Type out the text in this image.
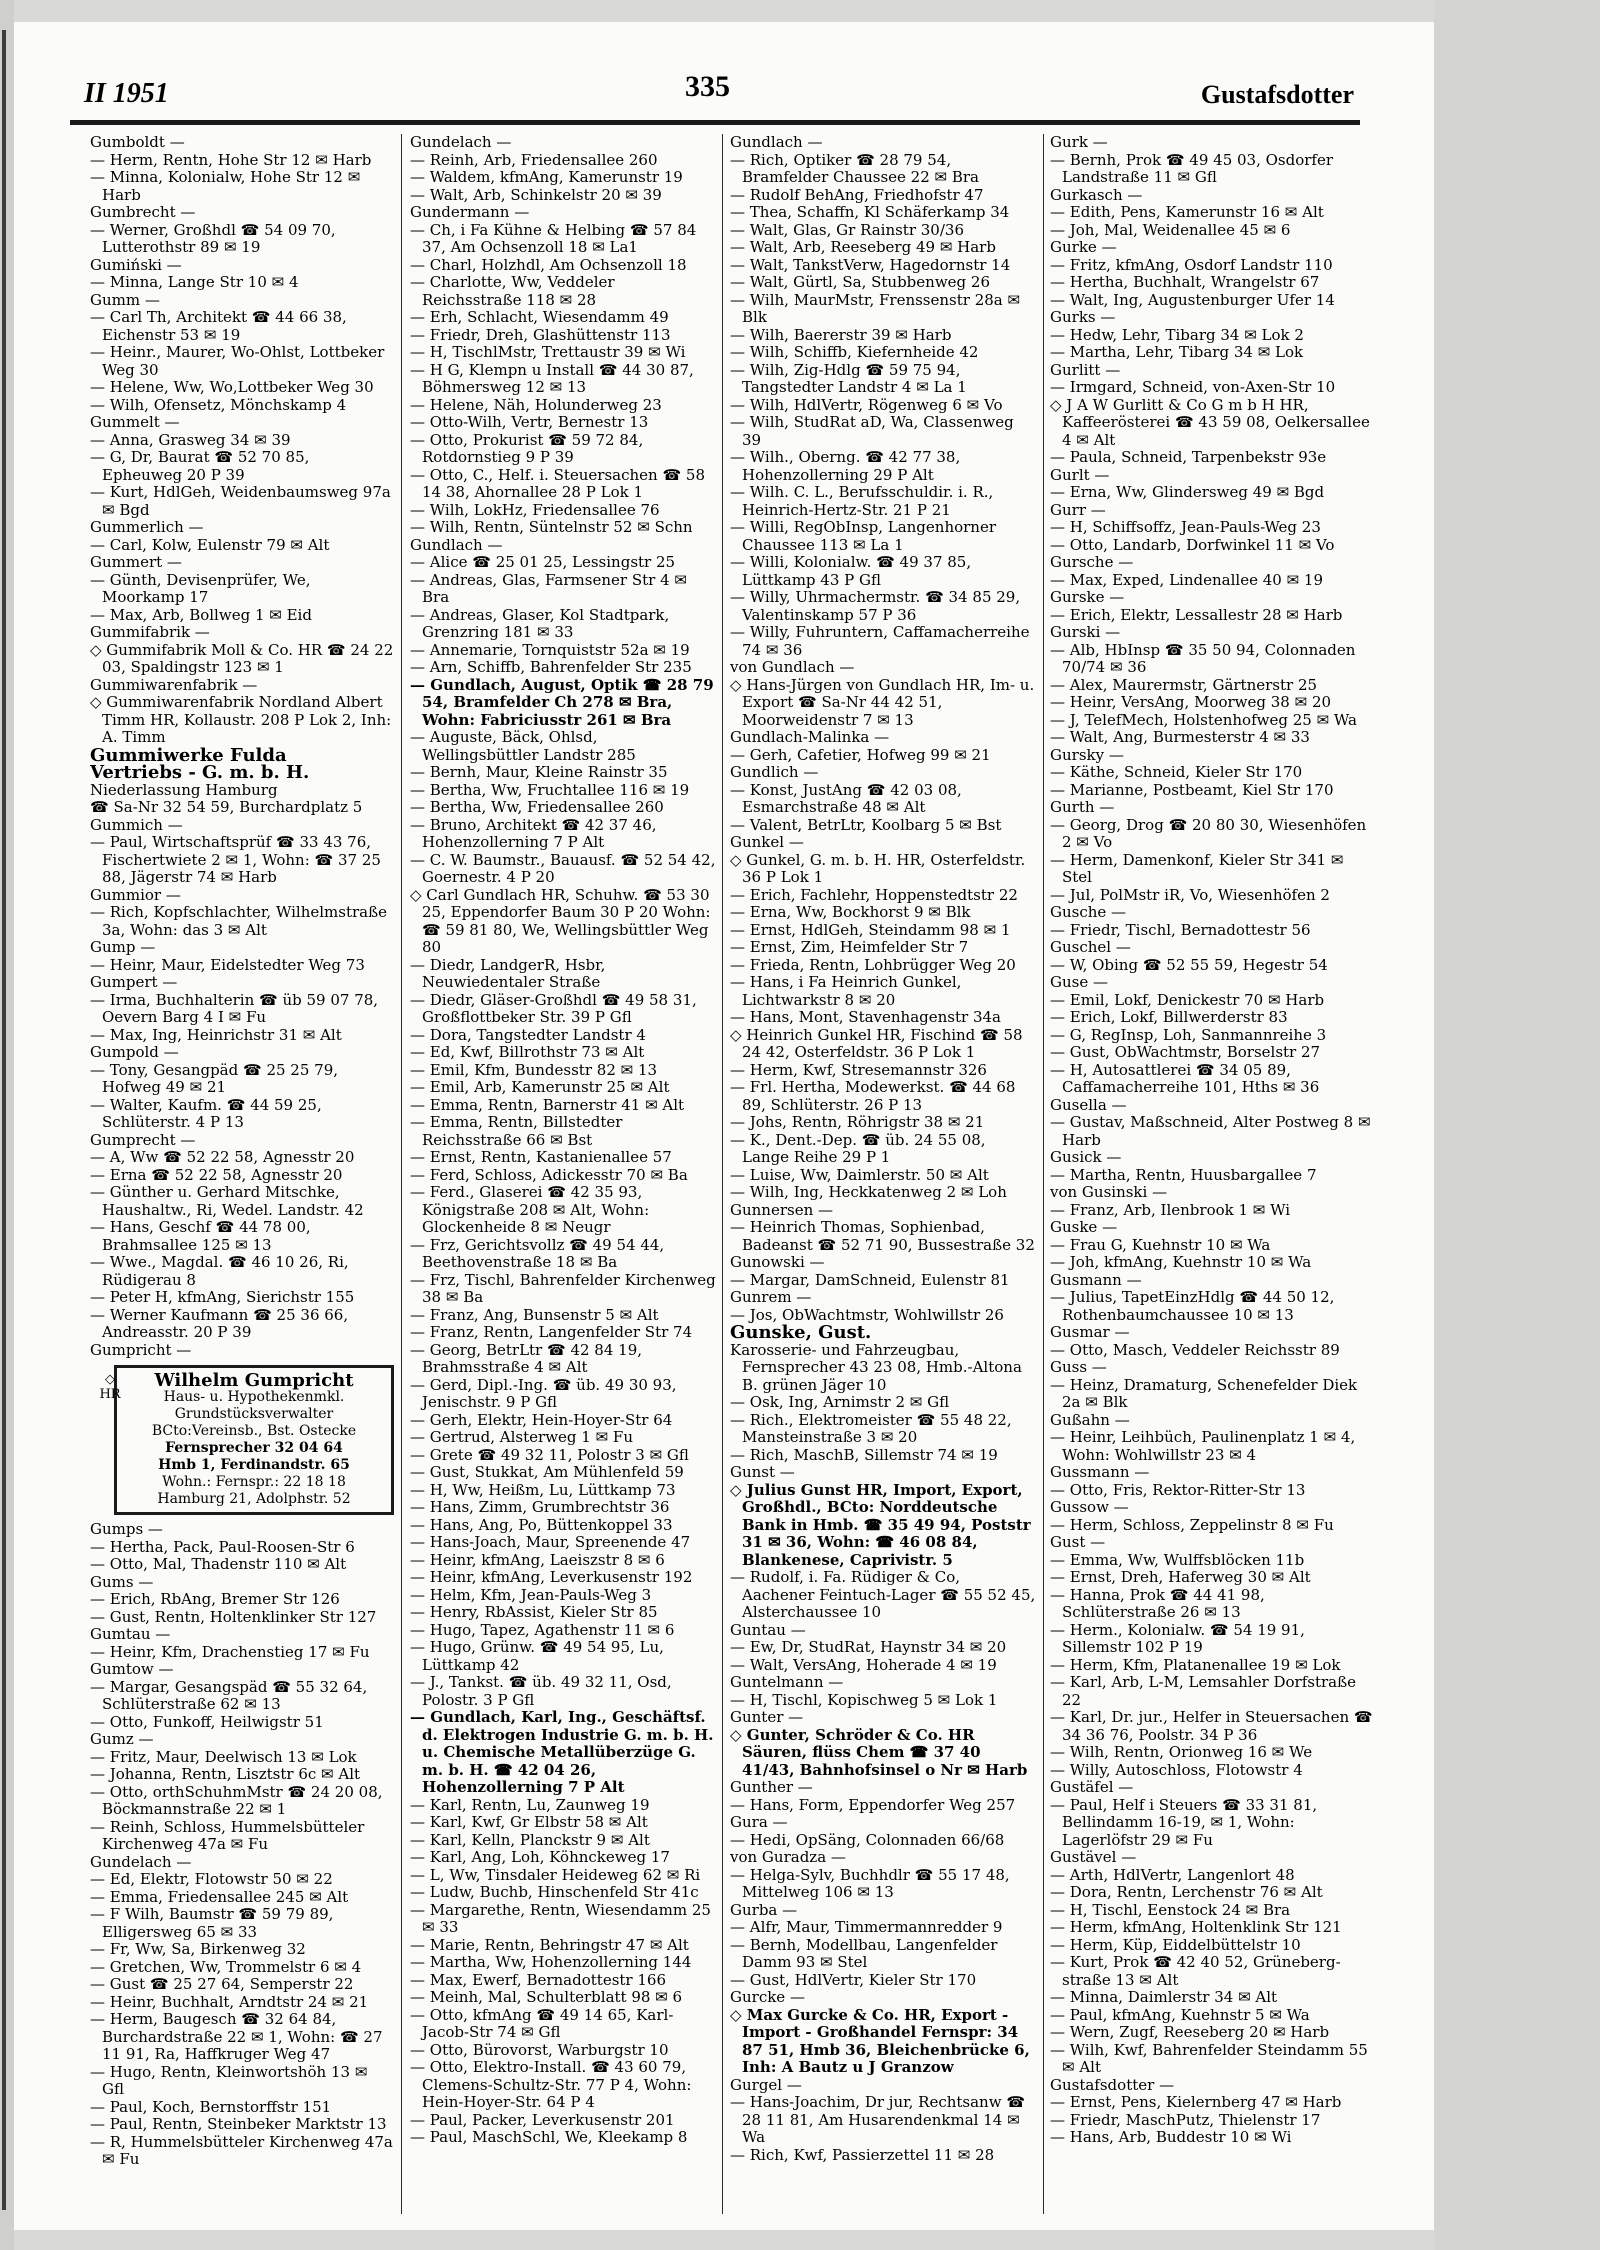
II 1951	335	Gustafsdotter

Gumboldt —

— Herm, Rentn, Hohe Str 12 ✉ Harb

— Minna, Kolonialw, Hohe Str 12 ✉ Harb

Gumbrecht —

— Werner, Großhdl ☎ 54 09 70, Lutterothstr 89 ✉ 19

Gumiński —

— Minna, Lange Str 10 ✉ 4

Gumm —

— Carl Th, Architekt ☎ 44 66 38, Eichenstr 53 ✉ 19

— Heinr., Maurer, Wo-Ohlst, Lottbeker Weg 30

— Helene, Ww, Wo,Lottbeker Weg 30

— Wilh, Ofensetz, Mönchskamp 4

Gummelt —

— Anna, Grasweg 34 ✉ 39

— G, Dr, Baurat ☎ 52 70 85, Epheuweg 20 P 39

— Kurt, HdlGeh, Weidenbaumsweg 97a ✉ Bgd

Gummerlich —

— Carl, Kolw, Eulenstr 79 ✉ Alt

Gummert —

— Günth, Devisenprüfer, We, Moorkamp 17

— Max, Arb, Bollweg 1 ✉ Eid

Gummifabrik —

◇ Gummifabrik Moll & Co. HR ☎ 24 22 03, Spaldingstr 123 ✉ 1

Gummiwarenfabrik —

◇ Gummiwarenfabrik Nordland Albert Timm HR, Kollaustr. 208 P Lok 2, Inh: A. Timm

Gummiwerke Fulda

Vertriebs - G. m. b. H.

Niederlassung Hamburg

☎ Sa-Nr 32 54 59, Burchardplatz 5

Gummich —

— Paul, Wirtschaftsprüf ☎ 33 43 76, Fischertwiete 2 ✉ 1, Wohn: ☎ 37 25 88, Jägerstr 74 ✉ Harb

Gummior —

— Rich, Kopfschlachter, Wilhelmstraße 3a, Wohn: das 3 ✉ Alt

Gump —

— Heinr, Maur, Eidelstedter Weg 73

Gumpert —

— Irma, Buchhalterin ☎ üb 59 07 78, Oevern Barg 4 I ✉ Fu

— Max, Ing, Heinrichstr 31 ✉ Alt

Gumpold —

— Tony, Gesangpäd ☎ 25 25 79, Hofweg 49 ✉ 21

— Walter, Kaufm. ☎ 44 59 25, Schlüterstr. 4 P 13

Gumprecht —

— A, Ww ☎ 52 22 58, Agnesstr 20

— Erna ☎ 52 22 58, Agnesstr 20

— Günther u. Gerhard Mitschke, Haushaltw., Ri, Wedel. Landstr. 42

— Hans, Geschf ☎ 44 78 00, Brahmsallee 125 ✉ 13

— Wwe., Magdal. ☎ 46 10 26, Ri, Rüdigerau 8

— Peter H, kfmAng, Sierichstr 155

— Werner Kaufmann ☎ 25 36 66, Andreasstr. 20 P 39

Gumpricht —

◇ HR

Wilhelm Gumpricht

Haus- u. Hypothekenmkl.

Grundstücksverwalter

BCto:Vereinsb., Bst. Ostecke

Fernsprecher 32 04 64

Hmb 1, Ferdinandstr. 65

Wohn.: Fernspr.: 22 18 18

Hamburg 21, Adolphstr. 52

Gumps —

— Hertha, Pack, Paul-Roosen-Str 6

— Otto, Mal, Thadenstr 110 ✉ Alt

Gums —

— Erich, RbAng, Bremer Str 126

— Gust, Rentn, Holtenklinker Str 127

Gumtau —

— Heinr, Kfm, Drachenstieg 17 ✉ Fu

Gumtow —

— Margar, Gesangspäd ☎ 55 32 64, Schlüterstraße 62 ✉ 13

— Otto, Funkoff, Heilwigstr 51

Gumz —

— Fritz, Maur, Deelwisch 13 ✉ Lok

— Johanna, Rentn, Lisztstr 6c ✉ Alt

— Otto, orthSchuhmMstr ☎ 24 20 08, Böckmannstraße 22 ✉ 1

— Reinh, Schloss, Hummelsbütteler Kirchenweg 47a ✉ Fu

Gundelach —

— Ed, Elektr, Flotowstr 50 ✉ 22

— Emma, Friedensallee 245 ✉ Alt

— F Wilh, Baumstr ☎ 59 79 89, Elligersweg 65 ✉ 33

— Fr, Ww, Sa, Birkenweg 32

— Gretchen, Ww, Trommelstr 6 ✉ 4

— Gust ☎ 25 27 64, Semperstr 22

— Heinr, Buchhalt, Arndtstr 24 ✉ 21

— Herm, Baugesch ☎ 32 64 84, Burchardstraße 22 ✉ 1, Wohn: ☎ 27 11 91, Ra, Haffkruger Weg 47

— Hugo, Rentn, Kleinwortshöh 13 ✉ Gfl

— Paul, Koch, Bernstorffstr 151

— Paul, Rentn, Steinbeker Marktstr 13

— R, Hummelsbütteler Kirchenweg 47a ✉ Fu

Gundelach —

— Reinh, Arb, Friedensallee 260

— Waldem, kfmAng, Kamerunstr 19

— Walt, Arb, Schinkelstr 20 ✉ 39

Gundermann —

— Ch, i Fa Kühne & Helbing ☎ 57 84 37, Am Ochsenzoll 18 ✉ La1

— Charl, Holzhdl, Am Ochsenzoll 18

— Charlotte, Ww, Veddeler Reichsstraße 118 ✉ 28

— Erh, Schlacht, Wiesendamm 49

— Friedr, Dreh, Glashüttenstr 113

— H, TischlMstr, Trettaustr 39 ✉ Wi

— H G, Klempn u Install ☎ 44 30 87, Böhmersweg 12 ✉ 13

— Helene, Näh, Holunderweg 23

— Otto-Wilh, Vertr, Bernestr 13

— Otto, Prokurist ☎ 59 72 84, Rotdornstieg 9 P 39

— Otto, C., Helf. i. Steuersachen ☎ 58 14 38, Ahornallee 28 P Lok 1

— Wilh, LokHz, Friedensallee 76

— Wilh, Rentn, Süntelnstr 52 ✉ Schn

Gundlach —

— Alice ☎ 25 01 25, Lessingstr 25

— Andreas, Glas, Farmsener Str 4 ✉ Bra

— Andreas, Glaser, Kol Stadtpark, Grenzring 181 ✉ 33

— Annemarie, Tornquiststr 52a ✉ 19

— Arn, Schiffb, Bahrenfelder Str 235

— Gundlach, August, Optik ☎ 28 79 54, Bramfelder Ch 278 ✉ Bra, Wohn: Fabriciusstr 261 ✉ Bra

— Auguste, Bäck, Ohlsd, Wellingsbüttler Landstr 285

— Bernh, Maur, Kleine Rainstr 35

— Bertha, Ww, Fruchtallee 116 ✉ 19

— Bertha, Ww, Friedensallee 260

— Bruno, Architekt ☎ 42 37 46, Hohenzollerning 7 P Alt

— C. W. Baumstr., Bauausf. ☎ 52 54 42, Goernestr. 4 P 20

◇ Carl Gundlach HR, Schuhw. ☎ 53 30 25, Eppendorfer Baum 30 P 20 Wohn: ☎ 59 81 80, We, Wellingsbüttler Weg 80

— Diedr, LandgerR, Hsbr, Neuwiedentaler Straße

— Diedr, Gläser-Großhdl ☎ 49 58 31, Großflottbeker Str. 39 P Gfl

— Dora, Tangstedter Landstr 4

— Ed, Kwf, Billrothstr 73 ✉ Alt

— Emil, Kfm, Bundesstr 82 ✉ 13

— Emil, Arb, Kamerunstr 25 ✉ Alt

— Emma, Rentn, Barnerstr 41 ✉ Alt

— Emma, Rentn, Billstedter Reichsstraße 66 ✉ Bst

— Ernst, Rentn, Kastanienallee 57

— Ferd, Schloss, Adickesstr 70 ✉ Ba

— Ferd., Glaserei ☎ 42 35 93, Königstraße 208 ✉ Alt, Wohn: Glockenheide 8 ✉ Neugr

— Frz, Gerichtsvollz ☎ 49 54 44, Beethovenstraße 18 ✉ Ba

— Frz, Tischl, Bahrenfelder Kirchenweg 38 ✉ Ba

— Franz, Ang, Bunsenstr 5 ✉ Alt

— Franz, Rentn, Langenfelder Str 74

— Georg, BetrLtr ☎ 42 84 19, Brahmsstraße 4 ✉ Alt

— Gerd, Dipl.-Ing. ☎ üb. 49 30 93, Jenischstr. 9 P Gfl

— Gerh, Elektr, Hein-Hoyer-Str 64

— Gertrud, Alsterweg 1 ✉ Fu

— Grete ☎ 49 32 11, Polostr 3 ✉ Gfl

— Gust, Stukkat, Am Mühlenfeld 59

— H, Ww, Heißm, Lu, Lüttkamp 73

— Hans, Zimm, Grumbrechtstr 36

— Hans, Ang, Po, Büttenkoppel 33

— Hans-Joach, Maur, Spreenende 47

— Heinr, kfmAng, Laeiszstr 8 ✉ 6

— Heinr, kfmAng, Leverkusenstr 192

— Helm, Kfm, Jean-Pauls-Weg 3

— Henry, RbAssist, Kieler Str 85

— Hugo, Tapez, Agathenstr 11 ✉ 6

— Hugo, Grünw. ☎ 49 54 95, Lu, Lüttkamp 42

— J., Tankst. ☎ üb. 49 32 11, Osd, Polostr. 3 P Gfl

— Gundlach, Karl, Ing., Geschäftsf. d. Elektrogen Industrie G. m. b. H. u. Chemische Metallüberzüge G. m. b. H. ☎ 42 04 26, Hohenzollerning 7 P Alt

— Karl, Rentn, Lu, Zaunweg 19

— Karl, Kwf, Gr Elbstr 58 ✉ Alt

— Karl, Kelln, Planckstr 9 ✉ Alt

— Karl, Ang, Loh, Köhnckeweg 17

— L, Ww, Tinsdaler Heideweg 62 ✉ Ri

— Ludw, Buchb, Hinschenfeld Str 41c

— Margarethe, Rentn, Wiesendamm 25 ✉ 33

— Marie, Rentn, Behringstr 47 ✉ Alt

— Martha, Ww, Hohenzollerning 144

— Max, Ewerf, Bernadottestr 166

— Meinh, Mal, Schulterblatt 98 ✉ 6

— Otto, kfmAng ☎ 49 14 65, Karl-Jacob-Str 74 ✉ Gfl

— Otto, Bürovorst, Warburgstr 10

— Otto, Elektro-Install. ☎ 43 60 79, Clemens-Schultz-Str. 77 P 4, Wohn: Hein-Hoyer-Str. 64 P 4

— Paul, Packer, Leverkusenstr 201

— Paul, MaschSchl, We, Kleekamp 8

Gundlach —

— Rich, Optiker ☎ 28 79 54, Bramfelder Chaussee 22 ✉ Bra

— Rudolf BehAng, Friedhofstr 47

— Thea, Schaffn, Kl Schäferkamp 34

— Walt, Glas, Gr Rainstr 30/36

— Walt, Arb, Reeseberg 49 ✉ Harb

— Walt, TankstVerw, Hagedornstr 14

— Walt, Gürtl, Sa, Stubbenweg 26

— Wilh, MaurMstr, Frenssenstr 28a ✉ Blk

— Wilh, Baererstr 39 ✉ Harb

— Wilh, Schiffb, Kiefernheide 42

— Wilh, Zig-Hdlg ☎ 59 75 94, Tangstedter Landstr 4 ✉ La 1

— Wilh, HdlVertr, Rögenweg 6 ✉ Vo

— Wilh, StudRat aD, Wa, Classenweg 39

— Wilh., Oberng. ☎ 42 77 38, Hohenzollerning 29 P Alt

— Wilh. C. L., Berufsschuldir. i. R., Heinrich-Hertz-Str. 21 P 21

— Willi, RegObInsp, Langenhorner Chaussee 113 ✉ La 1

— Willi, Kolonialw. ☎ 49 37 85, Lüttkamp 43 P Gfl

— Willy, Uhrmachermstr. ☎ 34 85 29, Valentinskamp 57 P 36

— Willy, Fuhruntern, Caffamacherreihe 74 ✉ 36

von Gundlach —

◇ Hans-Jürgen von Gundlach HR, Im- u. Export ☎ Sa-Nr 44 42 51, Moorweidenstr 7 ✉ 13

Gundlach-Malinka —

— Gerh, Cafetier, Hofweg 99 ✉ 21

Gundlich —

— Konst, JustAng ☎ 42 03 08, Esmarchstraße 48 ✉ Alt

— Valent, BetrLtr, Koolbarg 5 ✉ Bst

Gunkel —

◇ Gunkel, G. m. b. H. HR, Osterfeldstr. 36 P Lok 1

— Erich, Fachlehr, Hoppenstedtstr 22

— Erna, Ww, Bockhorst 9 ✉ Blk

— Ernst, HdlGeh, Steindamm 98 ✉ 1

— Ernst, Zim, Heimfelder Str 7

— Frieda, Rentn, Lohbrügger Weg 20

— Hans, i Fa Heinrich Gunkel, Lichtwarkstr 8 ✉ 20

— Hans, Mont, Stavenhagenstr 34a

◇ Heinrich Gunkel HR, Fischind ☎ 58 24 42, Osterfeldstr. 36 P Lok 1

— Herm, Kwf, Stresemannstr 326

— Frl. Hertha, Modewerkst. ☎ 44 68 89, Schlüterstr. 26 P 13

— Johs, Rentn, Röhrigstr 38 ✉ 21

— K., Dent.-Dep. ☎ üb. 24 55 08, Lange Reihe 29 P 1

— Luise, Ww, Daimlerstr. 50 ✉ Alt

— Wilh, Ing, Heckkatenweg 2 ✉ Loh

Gunnersen —

— Heinrich Thomas, Sophienbad, Badeanst ☎ 52 71 90, Bussestraße 32

Gunowski —

— Margar, DamSchneid, Eulenstr 81

Gunrem —

— Jos, ObWachtmstr, Wohlwillstr 26

Gunske, Gust.

Karosserie- und Fahrzeugbau, Fernsprecher 43 23 08, Hmb.-Altona B. grünen Jäger 10

— Osk, Ing, Arnimstr 2 ✉ Gfl

— Rich., Elektromeister ☎ 55 48 22, Mansteinstraße 3 ✉ 20

— Rich, MaschB, Sillemstr 74 ✉ 19

Gunst —

◇ Julius Gunst HR, Import, Export, Großhdl., BCto: Norddeutsche Bank in Hmb. ☎ 35 49 94, Poststr 31 ✉ 36, Wohn: ☎ 46 08 84, Blankenese, Caprivistr. 5

— Rudolf, i. Fa. Rüdiger & Co, Aachener Feintuch-Lager ☎ 55 52 45, Alsterchaussee 10

Guntau —

— Ew, Dr, StudRat, Haynstr 34 ✉ 20

— Walt, VersAng, Hoherade 4 ✉ 19

Guntelmann —

— H, Tischl, Kopischweg 5 ✉ Lok 1

Gunter —

◇ Gunter, Schröder & Co. HR Säuren, flüss Chem ☎ 37 40 41/43, Bahnhofsinsel o Nr ✉ Harb

Gunther —

— Hans, Form, Eppendorfer Weg 257

Gura —

— Hedi, OpSäng, Colonnaden 66/68

von Guradza —

— Helga-Sylv, Buchhdlr ☎ 55 17 48, Mittelweg 106 ✉ 13

Gurba —

— Alfr, Maur, Timmermannredder 9

— Bernh, Modellbau, Langenfelder Damm 93 ✉ Stel

— Gust, HdlVertr, Kieler Str 170

Gurcke —

◇ Max Gurcke & Co. HR, Export - Import - Großhandel Fernspr: 34 87 51, Hmb 36, Bleichenbrücke 6, Inh: A Bautz u J Granzow

Gurgel —

— Hans-Joachim, Dr jur, Rechtsanw ☎ 28 11 81, Am Husarendenkmal 14 ✉ Wa

— Rich, Kwf, Passierzettel 11 ✉ 28

Gurk —

— Bernh, Prok ☎ 49 45 03, Osdorfer Landstraße 11 ✉ Gfl

Gurkasch —

— Edith, Pens, Kamerunstr 16 ✉ Alt

— Joh, Mal, Weidenallee 45 ✉ 6

Gurke —

— Fritz, kfmAng, Osdorf Landstr 110

— Hertha, Buchhalt, Wrangelstr 67

— Walt, Ing, Augustenburger Ufer 14

Gurks —

— Hedw, Lehr, Tibarg 34 ✉ Lok 2

— Martha, Lehr, Tibarg 34 ✉ Lok

Gurlitt —

— Irmgard, Schneid, von-Axen-Str 10

◇ J A W Gurlitt & Co G m b H HR, Kaffeerösterei ☎ 43 59 08, Oelkersallee 4 ✉ Alt

— Paula, Schneid, Tarpenbekstr 93e

Gurlt —

— Erna, Ww, Glindersweg 49 ✉ Bgd

Gurr —

— H, Schiffsoffz, Jean-Pauls-Weg 23

— Otto, Landarb, Dorfwinkel 11 ✉ Vo

Gursche —

— Max, Exped, Lindenallee 40 ✉ 19

Gurske —

— Erich, Elektr, Lessallestr 28 ✉ Harb

Gurski —

— Alb, HbInsp ☎ 35 50 94, Colonnaden 70/74 ✉ 36

— Alex, Maurermstr, Gärtnerstr 25

— Heinr, VersAng, Moorweg 38 ✉ 20

— J, TelefMech, Holstenhofweg 25 ✉ Wa

— Walt, Ang, Burmesterstr 4 ✉ 33

Gursky —

— Käthe, Schneid, Kieler Str 170

— Marianne, Postbeamt, Kiel Str 170

Gurth —

— Georg, Drog ☎ 20 80 30, Wiesenhöfen 2 ✉ Vo

— Herm, Damenkonf, Kieler Str 341 ✉ Stel

— Jul, PolMstr iR, Vo, Wiesenhöfen 2

Gusche —

— Friedr, Tischl, Bernadottestr 56

Guschel —

— W, Obing ☎ 52 55 59, Hegestr 54

Guse —

— Emil, Lokf, Denickestr 70 ✉ Harb

— Erich, Lokf, Billwerderstr 83

— G, RegInsp, Loh, Sanmannreihe 3

— Gust, ObWachtmstr, Borselstr 27

— H, Autosattlerei ☎ 34 05 89, Caffamacherreihe 101, Hths ✉ 36

Gusella —

— Gustav, Maßschneid, Alter Postweg 8 ✉ Harb

Gusick —

— Martha, Rentn, Huusbargallee 7

von Gusinski —

— Franz, Arb, Ilenbrook 1 ✉ Wi

Guske —

— Frau G, Kuehnstr 10 ✉ Wa

— Joh, kfmAng, Kuehnstr 10 ✉ Wa

Gusmann —

— Julius, TapetEinzHdlg ☎ 44 50 12, Rothenbaumchaussee 10 ✉ 13

Gusmar —

— Otto, Masch, Veddeler Reichsstr 89

Guss —

— Heinz, Dramaturg, Schenefelder Diek 2a ✉ Blk

Gußahn —

— Heinr, Leihbüch, Paulinenplatz 1 ✉ 4, Wohn: Wohlwillstr 23 ✉ 4

Gussmann —

— Otto, Fris, Rektor-Ritter-Str 13

Gussow —

— Herm, Schloss, Zeppelinstr 8 ✉ Fu

Gust —

— Emma, Ww, Wulffsblöcken 11b

— Ernst, Dreh, Haferweg 30 ✉ Alt

— Hanna, Prok ☎ 44 41 98, Schlüterstraße 26 ✉ 13

— Herm., Kolonialw. ☎ 54 19 91, Sillemstr 102 P 19

— Herm, Kfm, Platanenallee 19 ✉ Lok

— Karl, Arb, L-M, Lemsahler Dorfstraße 22

— Karl, Dr. jur., Helfer in Steuersachen ☎ 34 36 76, Poolstr. 34 P 36

— Wilh, Rentn, Orionweg 16 ✉ We

— Willy, Autoschloss, Flotowstr 4

Gustäfel —

— Paul, Helf i Steuers ☎ 33 31 81, Bellindamm 16-19, ✉ 1, Wohn: Lagerlöfstr 29 ✉ Fu

Gustävel —

— Arth, HdlVertr, Langenlort 48

— Dora, Rentn, Lerchenstr 76 ✉ Alt

— H, Tischl, Eenstock 24 ✉ Bra

— Herm, kfmAng, Holtenklink Str 121

— Herm, Küp, Eiddelbüttelstr 10

— Kurt, Prok ☎ 42 40 52, Grüneberg-straße 13 ✉ Alt

— Minna, Daimlerstr 34 ✉ Alt

— Paul, kfmAng, Kuehnstr 5 ✉ Wa

— Wern, Zugf, Reeseberg 20 ✉ Harb

— Wilh, Kwf, Bahrenfelder Steindamm 55 ✉ Alt

Gustafsdotter —

— Ernst, Pens, Kielernberg 47 ✉ Harb

— Friedr, MaschPutz, Thielenstr 17

— Hans, Arb, Buddestr 10 ✉ Wi
